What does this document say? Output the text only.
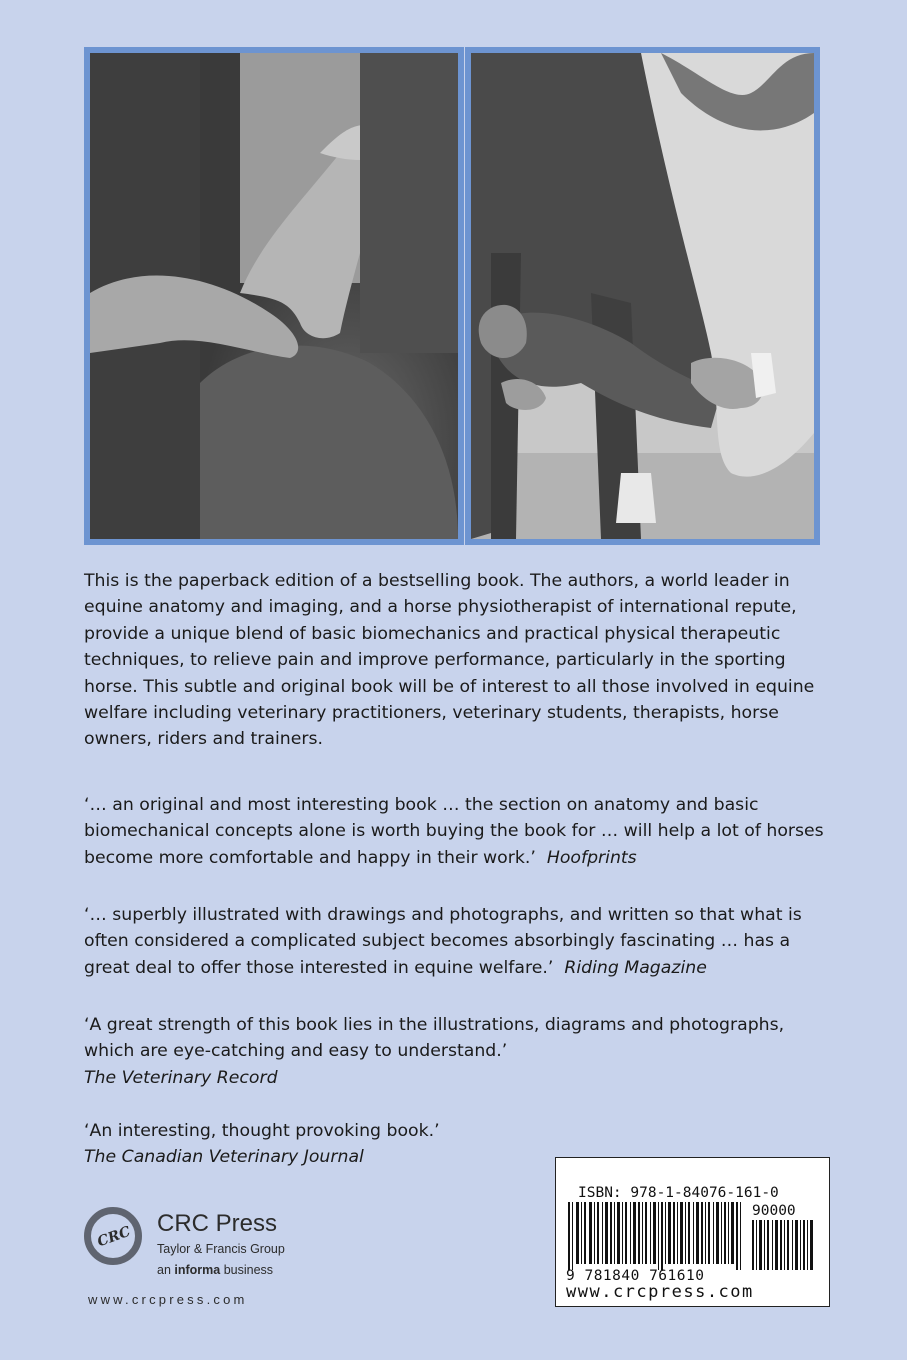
This is the paperback edition of a bestselling book. The authors, a world leader in equine anatomy and imaging, and a horse physiotherapist of international repute, provide a unique blend of basic biomechanics and practical physical therapeutic techniques, to relieve pain and improve performance, particularly in the sporting horse. This subtle and original book will be of interest to all those involved in equine welfare including veterinary practitioners, veterinary students, therapists, horse owners, riders and trainers.

‘… an original and most interesting book … the section on anatomy and basic biomechanical concepts alone is worth buying the book for … will help a lot of horses become more comfortable and happy in their work.’ Hoofprints

‘… superbly illustrated with drawings and photographs, and written so that what is often considered a complicated subject becomes absorbingly fascinating … has a great deal to offer those interested in equine welfare.’ Riding Magazine

‘A great strength of this book lies in the illustrations, diagrams and photographs, which are eye-catching and easy to understand.’
The Veterinary Record

‘An interesting, thought provoking book.’
The Canadian Veterinary Journal

CRC
CRC Press
Taylor & Francis Group
an informa business
www.crcpress.com
ISBN: 978-1-84076-161-0
90000
9 781840 761610
www.crcpress.com
